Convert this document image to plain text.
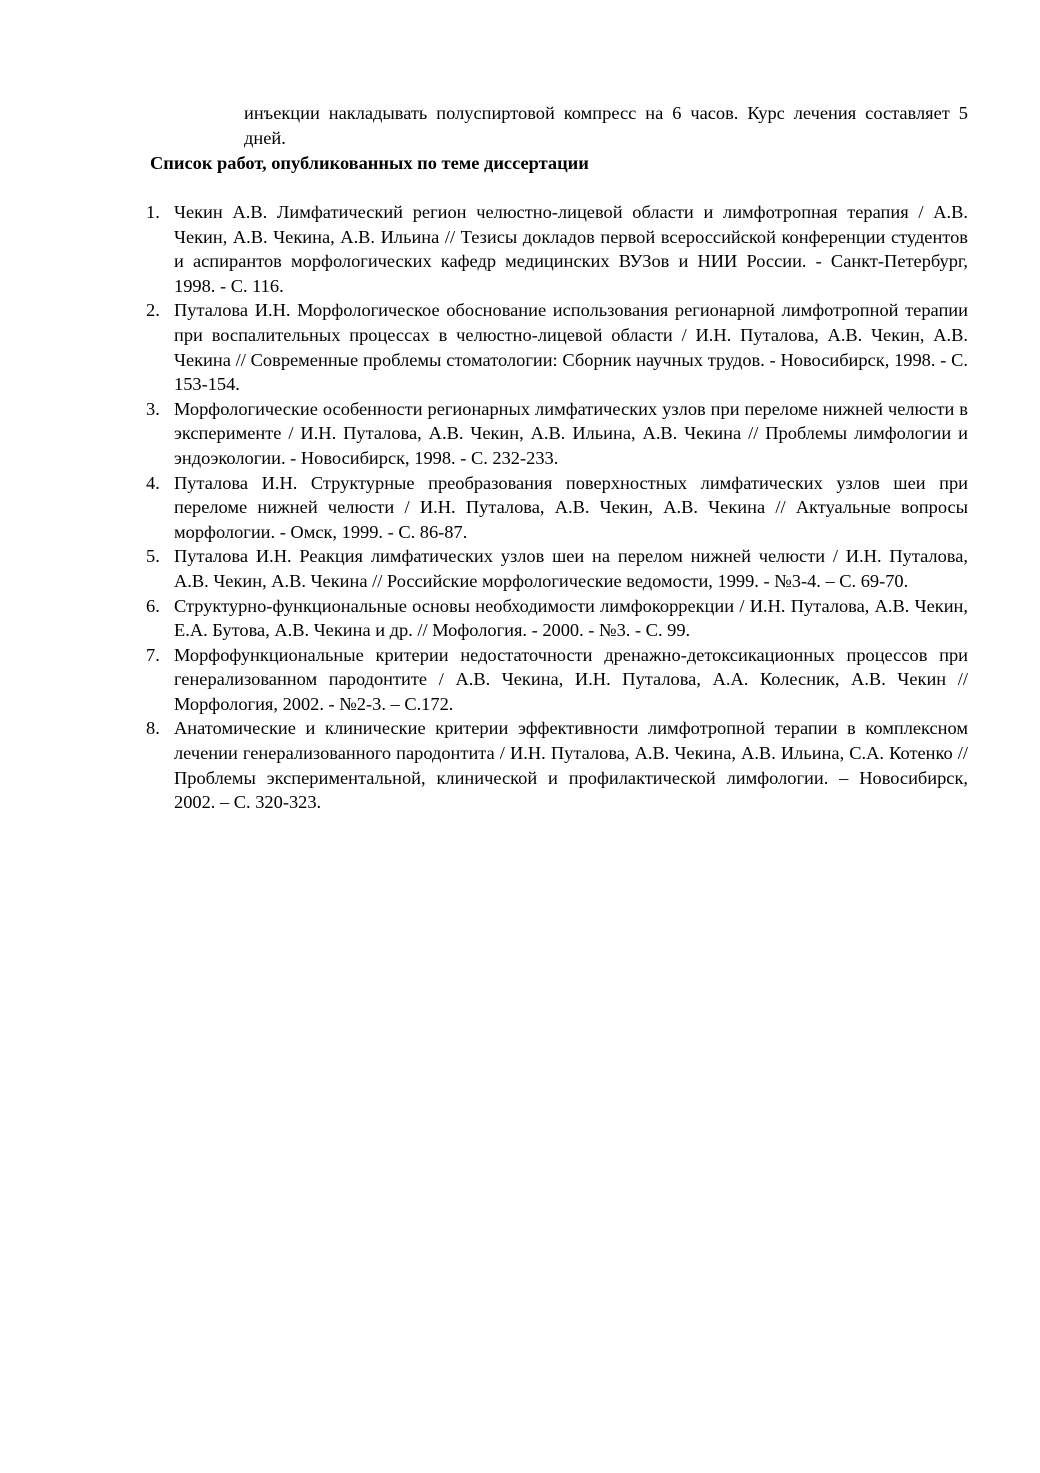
инъекции накладывать полуспиртовой компресс на 6 часов. Курс лечения составляет 5 дней.

Список работ, опубликованных по теме диссертации
1. Чекин А.В. Лимфатический регион челюстно-лицевой области и лимфотропная терапия / А.В. Чекин, А.В. Чекина, А.В. Ильина // Тезисы докладов первой всероссийской конференции студентов и аспирантов морфологических кафедр медицинских ВУЗов и НИИ России. - Санкт-Петербург, 1998. - С. 116.
2. Путалова И.Н. Морфологическое обоснование использования регионарной лимфотропной терапии при воспалительных процессах в челюстно-лицевой области / И.Н. Путалова, А.В. Чекин, А.В. Чекина // Современные проблемы стоматологии: Сборник научных трудов. - Новосибирск, 1998. - С. 153-154.
3. Морфологические особенности регионарных лимфатических узлов при переломе нижней челюсти в эксперименте / И.Н. Путалова, А.В. Чекин, А.В. Ильина, А.В. Чекина // Проблемы лимфологии и эндоэкологии. - Новосибирск, 1998. - С. 232-233.
4. Путалова И.Н. Структурные преобразования поверхностных лимфатических узлов шеи при переломе нижней челюсти / И.Н. Путалова, А.В. Чекин, А.В. Чекина // Актуальные вопросы морфологии. - Омск, 1999. - С. 86-87.
5. Путалова И.Н. Реакция лимфатических узлов шеи на перелом нижней челюсти / И.Н. Путалова, А.В. Чекин, А.В. Чекина // Российские морфологические ведомости, 1999. - №3-4. – С. 69-70.
6. Структурно-функциональные основы необходимости лимфокоррекции / И.Н. Путалова, А.В. Чекин, Е.А. Бутова, А.В. Чекина и др. // Мофология. - 2000. - №3. - С. 99.
7. Морфофункциональные критерии недостаточности дренажно-детоксикационных процессов при генерализованном пародонтите / А.В. Чекина, И.Н. Путалова, А.А. Колесник, А.В. Чекин // Морфология, 2002. - №2-3. – С.172.
8. Анатомические и клинические критерии эффективности лимфотропной терапии в комплексном лечении генерализованного пародонтита / И.Н. Путалова, А.В. Чекина, А.В. Ильина, С.А. Котенко // Проблемы экспериментальной, клинической и профилактической лимфологии. – Новосибирск, 2002. – С. 320-323.
